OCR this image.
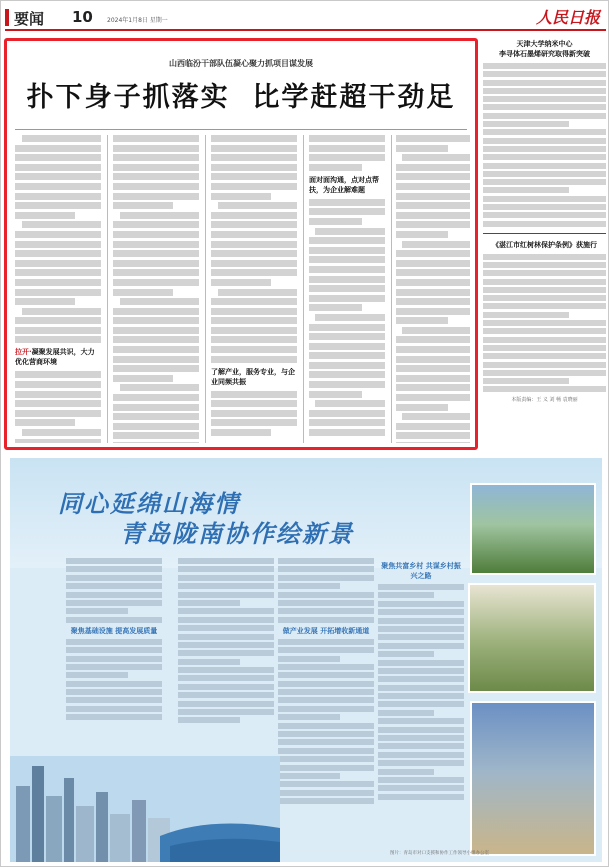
要闻 10 2024年1月8日 星期一	人民日报
山西临汾干部队伍凝心聚力抓项目谋发展
扑下身子抓落实  比学赶超干劲足
拉开·凝聚发展共识，大力优化营商环境
了解产业，服务专业，与企业同频共振
面对面沟通，点对点帮扶，为企业解难题
天津大学纳米中心
李寻体石墨烯研究取得新突破
《湛江市红树林保护条例》获施行
本版责编：王 义 刘 畅 袁晓丽
同心延绵山海情
青岛陇南协作绘新景
聚焦基础设施 提高发展质量	做产业发展 开拓增收新通道
聚焦共富乡村 共谋乡村振兴之路
图片：青岛市对口支援和协作工作领导小组办公室
